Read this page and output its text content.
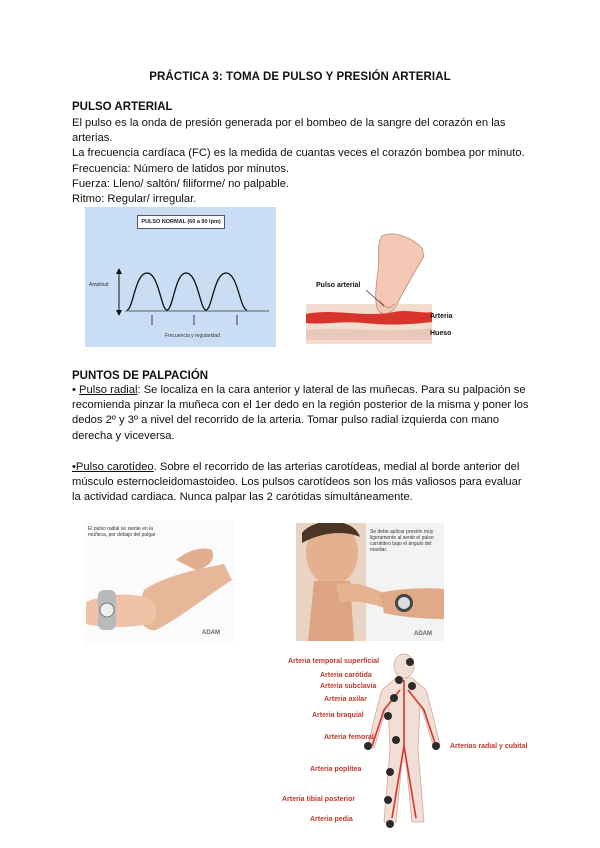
PRÁCTICA 3: TOMA DE PULSO Y PRESIÓN ARTERIAL
PULSO ARTERIAL
El pulso es la onda de presión generada por el bombeo de la sangre del corazón en las
arterias.
La frecuencia cardíaca (FC) es la medida de cuantas veces el corazón bombea por minuto.
Frecuencia: Número de latidos por minutos.
Fuerza: Lleno/ saltón/ filiforme/ no palpable.
Ritmo: Regular/ irregular.
PULSO NORMAL (60 a 90 lpm)
Amplitud
Frecuencia y regularidad
Pulso arterial
Arteria
Hueso
PUNTOS DE PALPACIÓN
• Pulso radial: Se localiza en la cara anterior y lateral de las muñecas. Para su palpación se
recomienda pinzar la muñeca con el 1er dedo en la región posterior de la misma y poner los
dedos 2º y 3º a nivel del recorrido de la arteria. Tomar pulso radial izquierda con mano
derecha y viceversa.
•Pulso carotídeo. Sobre el recorrido de las arterias carotídeas, medial al borde anterior del
músculo esternocleidomastoideo. Los pulsos carotídeos son los más valiosos para evaluar
la actividad cardiaca. Nunca palpar las 2 carótidas simultáneamente.
El pulso radial se siente en la muñeca, por debajo del pulgar
ADAM
Se debe aplicar presión muy ligeramente al sentir el pulso carotídeo bajo el ángulo del maxilar.
ADAM
Arteria temporal superficial
Arteria carótida
Arteria subclavia
Arteria axilar
Arteria braquial
Arteria femoral
Arterias radial y cubital
Arteria poplítea
Arteria tibial posterior
Arteria pedia
